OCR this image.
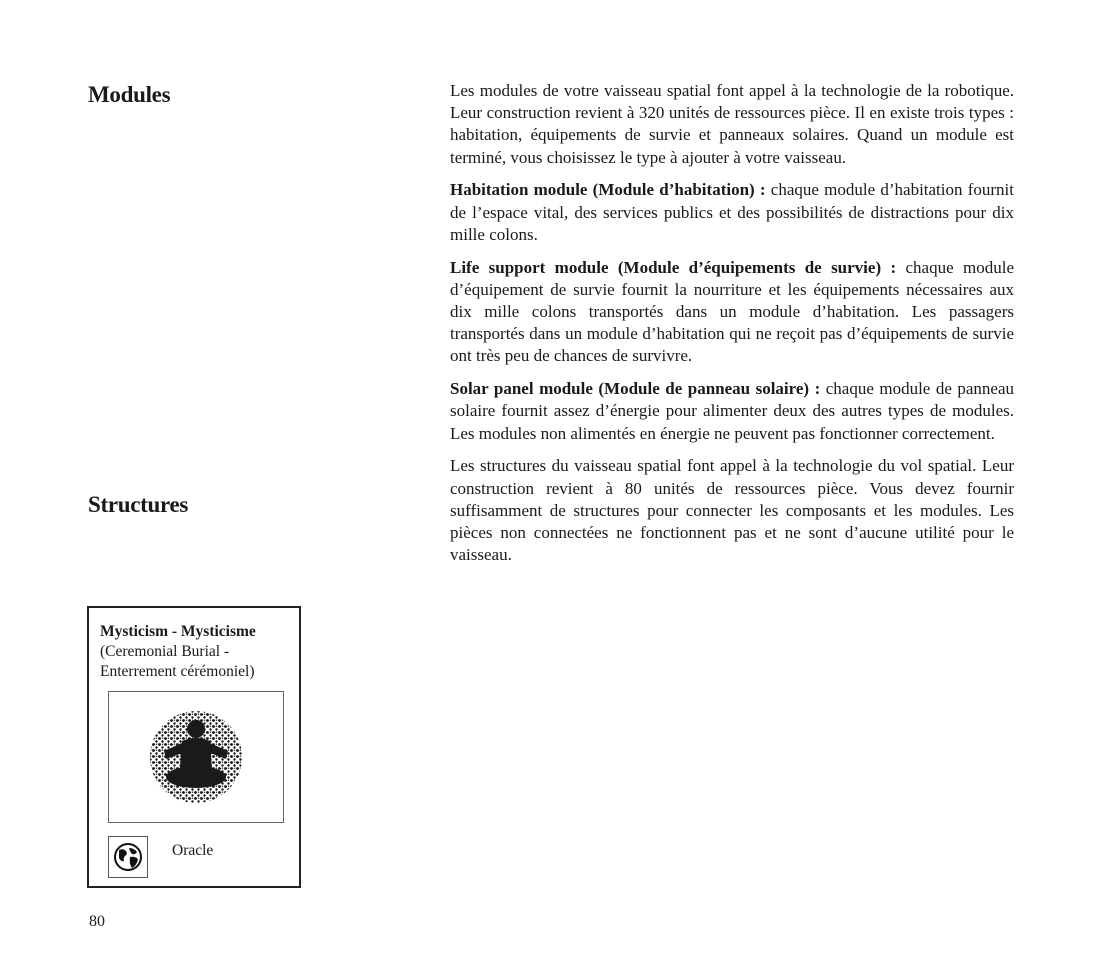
Modules
Structures

Les modules de votre vaisseau spatial font appel à la technologie de la robotique. Leur construction revient à 320 unités de ressources pièce. Il en existe trois types : habitation, équipements de survie et panneaux solaires. Quand un module est terminé, vous choisissez le type à ajouter à votre vaisseau.

Habitation module (Module d’habitation) : chaque module d’habitation fournit de l’espace vital, des services publics et des possibilités de distractions pour dix mille colons.

Life support module (Module d’équipements de survie) : chaque module d’équipement de survie fournit la nourriture et les équipements nécessaires aux dix mille colons transportés dans un module d’habitation. Les passagers transportés dans un module d’habitation qui ne reçoit pas d’équipements de survie ont très peu de chances de survivre.

Solar panel module (Module de panneau solaire) : chaque module de panneau solaire fournit assez d’énergie pour alimenter deux des autres types de modules. Les modules non alimentés en énergie ne peuvent pas fonctionner correctement.

Les structures du vaisseau spatial font appel à la technologie du vol spatial. Leur construction revient à 80 unités de ressources pièce. Vous devez fournir suffisamment de structures pour connecter les composants et les modules. Les pièces non connectées ne fonctionnent pas et ne sont d’aucune utilité pour le vaisseau.

Mysticism - Mysticisme
(Ceremonial Burial - Enterrement cérémoniel)
Oracle
80
